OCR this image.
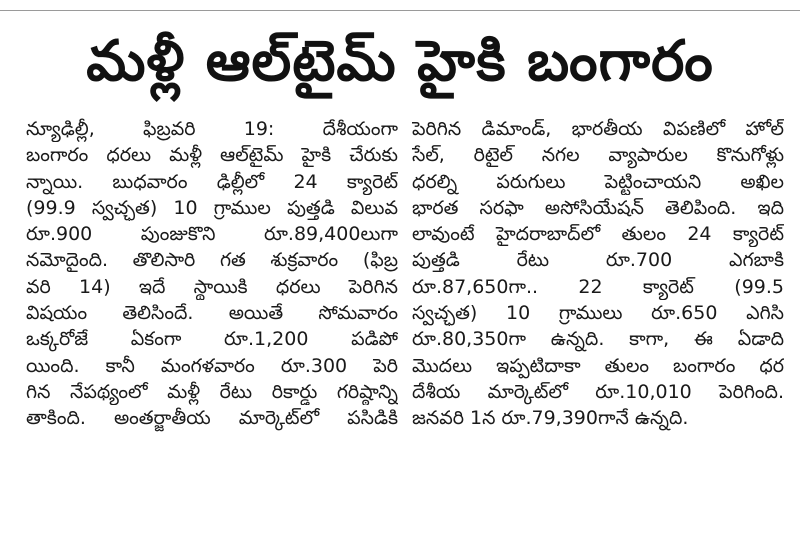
మళ్లీ ఆల్‌టైమ్ హైకి బంగారం
న్యూఢిల్లీ, ఫిబ్రవరి 19: దేశీయంగా
బంగారం ధరలు మళ్లీ ఆల్‌టైమ్ హైకి చేరుకు
న్నాయి. బుధవారం ఢిల్లీలో 24 క్యారెట్
(99.9 స్వచ్ఛత) 10 గ్రాముల పుత్తడి విలువ
రూ.900 పుంజుకొని రూ.89,400లుగా
నమోదైంది. తొలిసారి గత శుక్రవారం (ఫిబ్ర
వరి 14) ఇదే స్థాయికి ధరలు పెరిగిన
విషయం తెలిసిందే. అయితే సోమవారం
ఒక్కరోజే ఏకంగా రూ.1,200 పడిపో
యింది. కానీ మంగళవారం రూ.300 పెరి
గిన నేపథ్యంలో మళ్లీ రేటు రికార్డు గరిష్ఠాన్ని
తాకింది. అంతర్జాతీయ మార్కెట్‌లో పసిడికి
పెరిగిన డిమాండ్, భారతీయ విపణిలో హోల్
సేల్, రిటైల్ నగల వ్యాపారుల కొనుగోళ్లు
ధరల్ని పరుగులు పెట్టించాయని అఖిల
భారత సరఫా అసోసియేషన్ తెలిపింది. ఇది
లావుంటే హైదరాబాద్‌లో తులం 24 క్యారెట్
పుత్తడి రేటు రూ.700 ఎగబాకి
రూ.87,650గా.. 22 క్యారెట్ (99.5
స్వచ్ఛత) 10 గ్రాములు రూ.650 ఎగిసి
రూ.80,350గా ఉన్నది. కాగా, ఈ ఏడాది
మొదలు ఇప్పటిదాకా తులం బంగారం ధర
దేశీయ మార్కెట్‌లో రూ.10,010 పెరిగింది.
జనవరి 1న రూ.79,390గానే ఉన్నది.
